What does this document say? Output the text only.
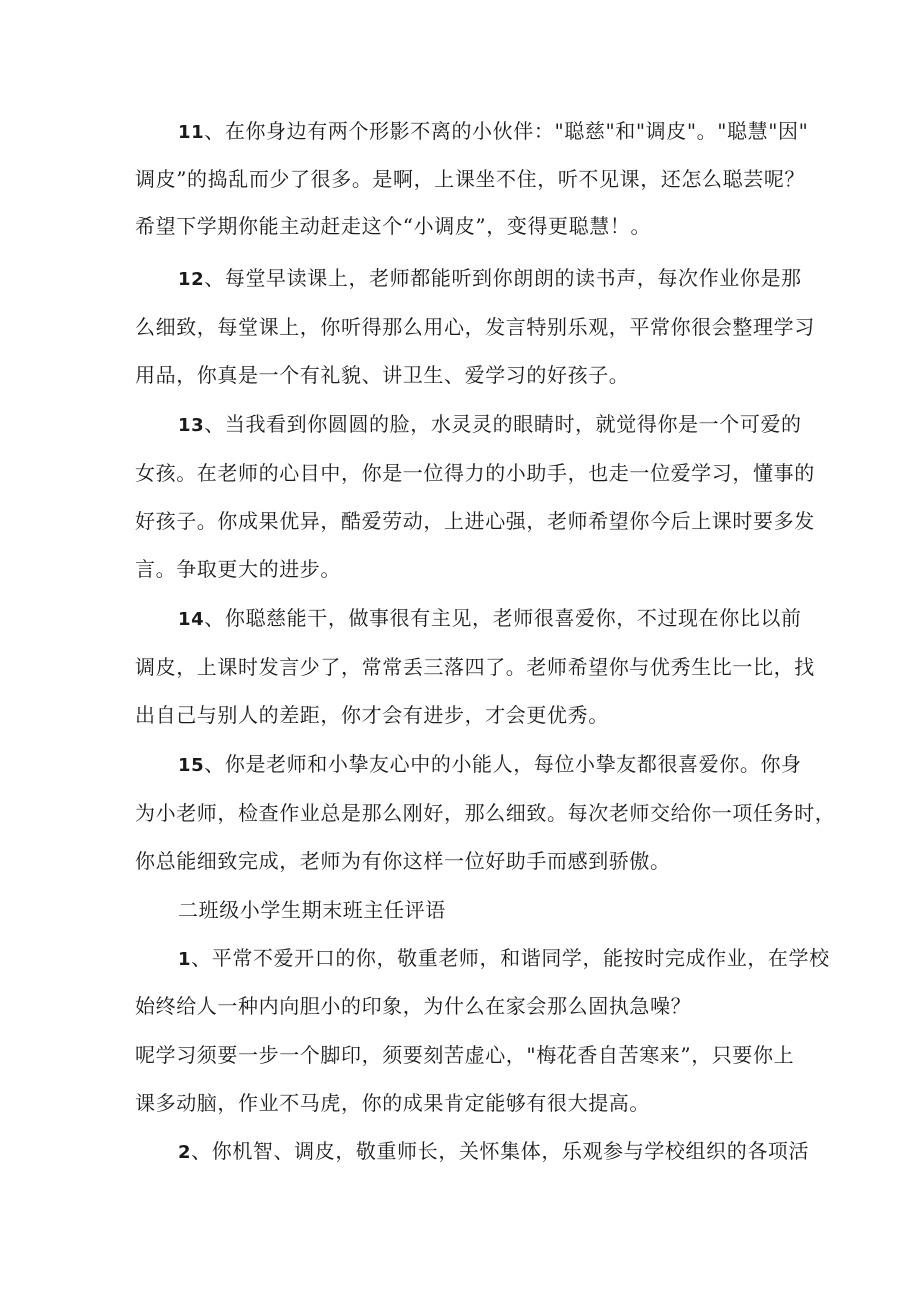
11、在你身边有两个形影不离的小伙伴："聪慈"和"调皮"。"聪慧"因"
调皮”的捣乱而少了很多。是啊，上课坐不住，听不见课，还怎么聪芸呢？
希望下学期你能主动赶走这个“小调皮”，变得更聪慧！。
12、每堂早读课上，老师都能听到你朗朗的读书声，每次作业你是那
么细致，每堂课上，你听得那么用心，发言特别乐观，平常你很会整理学习
用品，你真是一个有礼貌、讲卫生、爱学习的好孩子。
13、当我看到你圆圆的脸，水灵灵的眼睛时，就觉得你是一个可爱的
女孩。在老师的心目中，你是一位得力的小助手，也走一位爱学习，懂事的
好孩子。你成果优异，酷爱劳动，上进心强，老师希望你今后上课时要多发
言。争取更大的进步。
14、你聪慈能干，做事很有主见，老师很喜爱你，不过现在你比以前
调皮，上课时发言少了，常常丢三落四了。老师希望你与优秀生比一比，找
出自己与别人的差距，你才会有进步，才会更优秀。
15、你是老师和小挚友心中的小能人，每位小挚友都很喜爱你。你身
为小老师，检查作业总是那么刚好，那么细致。每次老师交给你一项任务时，
你总能细致完成，老师为有你这样一位好助手而感到骄傲。
二班级小学生期末班主任评语
1、平常不爱开口的你，敬重老师，和谐同学，能按时完成作业，在学校
始终给人一种内向胆小的印象，为什么在家会那么固执急噪？
呢学习须要一步一个脚印，须要刻苦虚心，"梅花香自苦寒来”，只要你上
课多动脑，作业不马虎，你的成果肯定能够有很大提高。
2、你机智、调皮，敬重师长，关怀集体，乐观参与学校组织的各项活
